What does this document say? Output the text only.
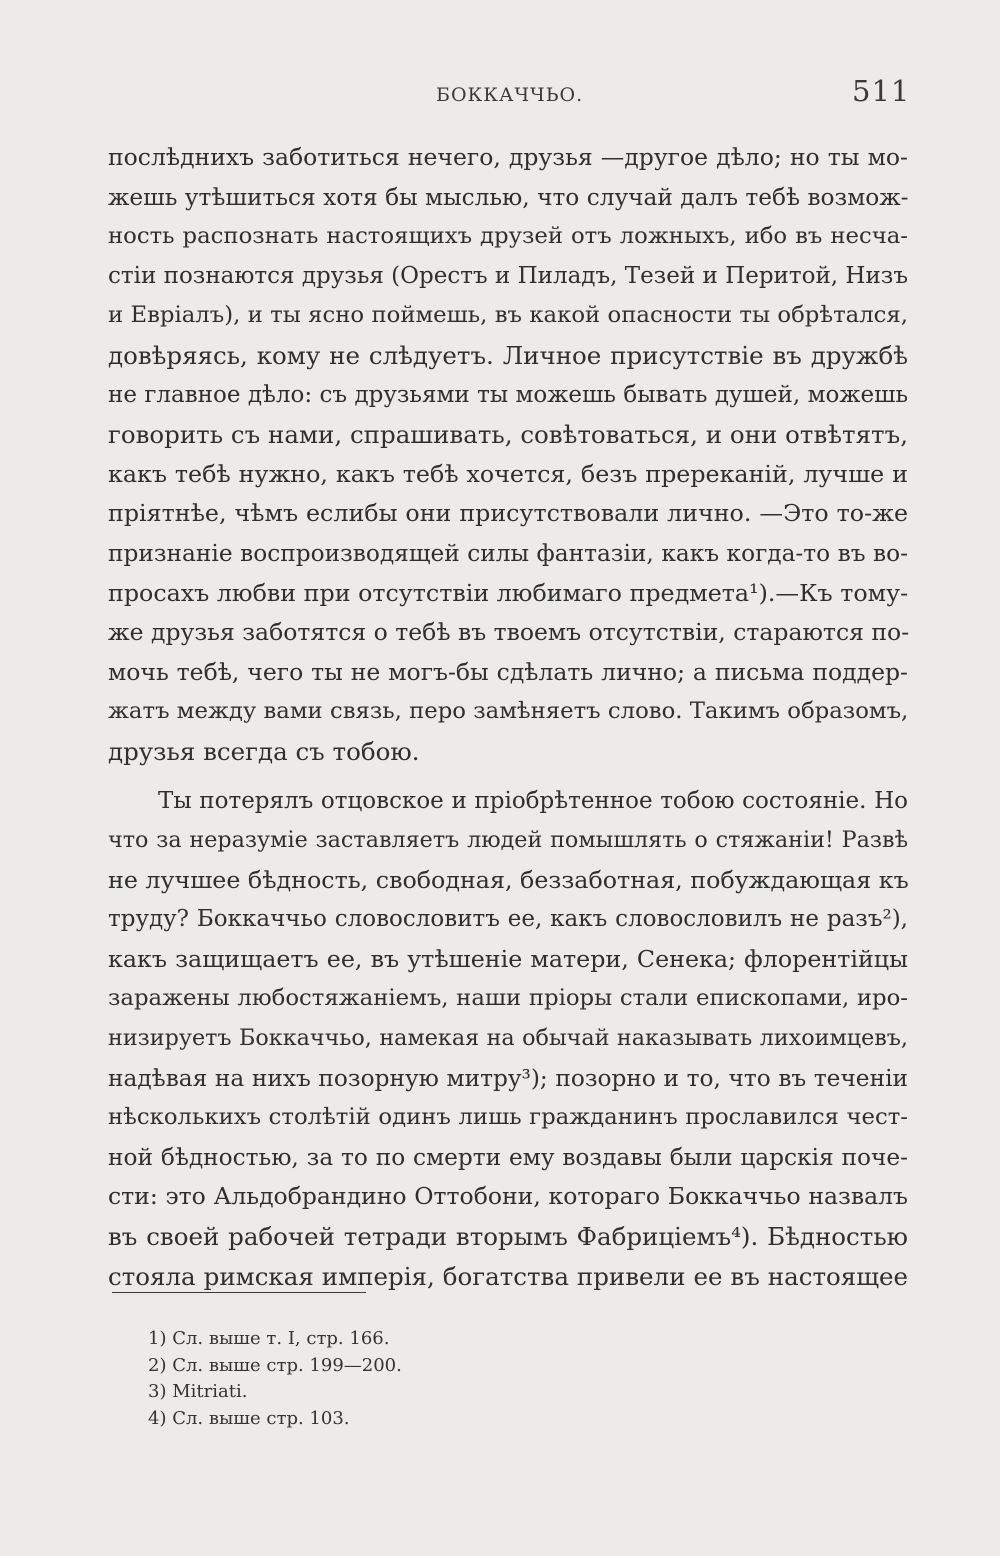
БОККАЧЧЬО.	511
послѣднихъ заботиться нечего, друзья —другое дѣло; но ты мо-
жешь утѣшиться хотя бы мыслью, что случай далъ тебѣ возмож-
ность распознать настоящихъ друзей отъ ложныхъ, ибо въ несча-
стіи познаются друзья (Орестъ и Пиладъ, Тезей и Перитой, Низъ
и Евріалъ), и ты ясно поймешь, въ какой опасности ты обрѣтался,
довѣряясь, кому не слѣдуетъ. Личное присутствіе въ дружбѣ
не главное дѣло: съ друзьями ты можешь бывать душей, можешь
говорить съ нами, спрашивать, совѣтоваться, и они отвѣтятъ,
какъ тебѣ нужно, какъ тебѣ хочется, безъ пререканій, лучше и
пріятнѣе, чѣмъ еслибы они присутствовали лично. —Это то-же
признаніе воспроизводящей силы фантазіи, какъ когда-то въ во-
просахъ любви при отсутствіи любимаго предмета¹).—Къ тому-
же друзья заботятся о тебѣ въ твоемъ отсутствіи, стараются по-
мочь тебѣ, чего ты не могъ-бы сдѣлать лично; а письма поддер-
жатъ между вами связь, перо замѣняетъ слово. Такимъ образомъ,
друзья всегда съ тобою.
Ты потерялъ отцовское и пріобрѣтенное тобою состояніе. Но
что за неразуміе заставляетъ людей помышлять о стяжаніи! Развѣ
не лучшее бѣдность, свободная, беззаботная, побуждающая къ
труду? Боккаччьо словословитъ ее, какъ словословилъ не разъ²),
какъ защищаетъ ее, въ утѣшеніе матери, Сенека; флорентійцы
заражены любостяжаніемъ, наши пріоры стали епископами, иро-
низируетъ Боккаччьо, намекая на обычай наказывать лихоимцевъ,
надѣвая на нихъ позорную митру³); позорно и то, что въ теченіи
нѣсколькихъ столѣтій одинъ лишь гражданинъ прославился чест-
ной бѣдностью, за то по смерти ему воздавы были царскія поче-
сти: это Альдобрандино Оттобони, котораго Боккаччьо назвалъ
въ своей рабочей тетради вторымъ Фабриціемъ⁴). Бѣдностью
стояла римская имперія, богатства привели ее въ настоящее
1) Сл. выше т. I, стр. 166.
2) Сл. выше стр. 199—200.
3) Mitriati.
4) Сл. выше стр. 103.
